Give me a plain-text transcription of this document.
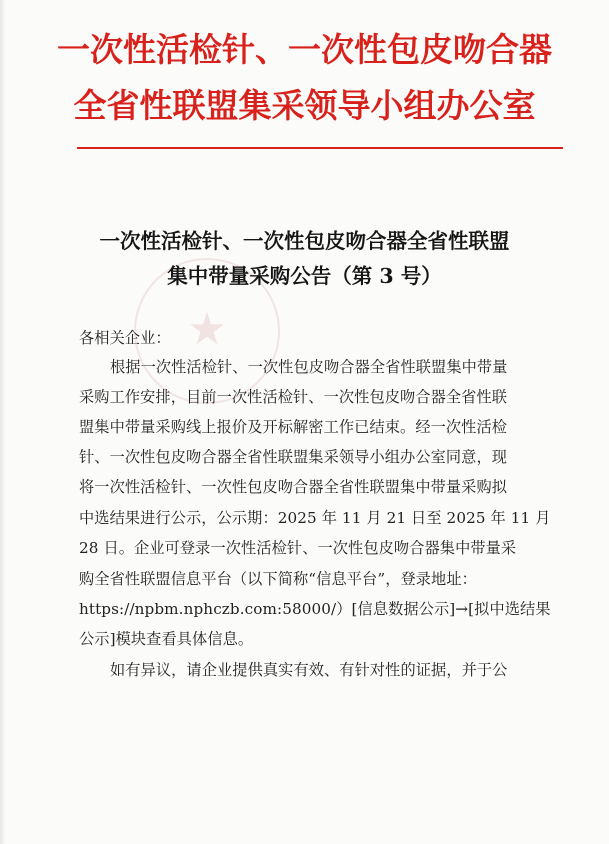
★
一次性活检针、一次性包皮吻合器
全省性联盟集采领导小组办公室
一次性活检针、一次性包皮吻合器全省性联盟
集中带量采购公告（第 3 号）
各相关企业：
根据一次性活检针、一次性包皮吻合器全省性联盟集中带量
采购工作安排，目前一次性活检针、一次性包皮吻合器全省性联
盟集中带量采购线上报价及开标解密工作已结束。经一次性活检
针、一次性包皮吻合器全省性联盟集采领导小组办公室同意，现
将一次性活检针、一次性包皮吻合器全省性联盟集中带量采购拟
中选结果进行公示，公示期：2025 年 11 月 21 日至 2025 年 11 月
28 日。企业可登录一次性活检针、一次性包皮吻合器集中带量采
购全省性联盟信息平台（以下简称“信息平台”，登录地址：
https://npbm.nphczb.com:58000/）[信息数据公示]→[拟中选结果
公示]模块查看具体信息。
如有异议，请企业提供真实有效、有针对性的证据，并于公
